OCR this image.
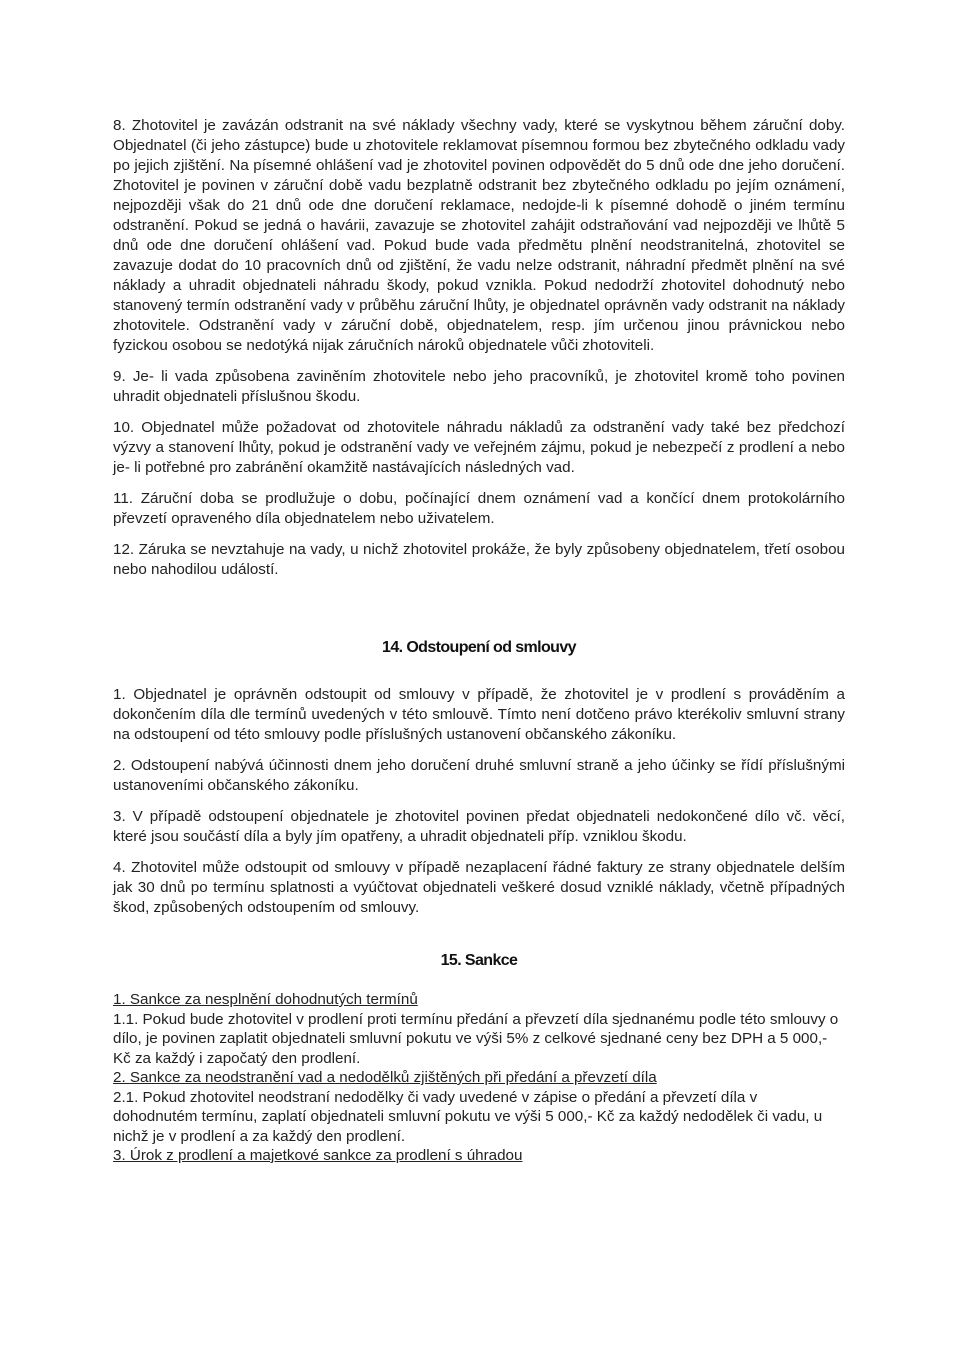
8. Zhotovitel je zavázán odstranit na své náklady všechny vady, které se vyskytnou během záruční doby. Objednatel (či jeho zástupce) bude u zhotovitele reklamovat písemnou formou bez zbytečného odkladu vady po jejich zjištění. Na písemné ohlášení vad je zhotovitel povinen odpovědět do 5 dnů ode dne jeho doručení. Zhotovitel je povinen v záruční době vadu bezplatně odstranit bez zbytečného odkladu po jejím oznámení, nejpozději však do 21 dnů ode dne doručení reklamace, nedojde-li k písemné dohodě o jiném termínu odstranění. Pokud se jedná o havárii, zavazuje se zhotovitel zahájit odstraňování vad nejpozději ve lhůtě 5 dnů ode dne doručení ohlášení vad. Pokud bude vada předmětu plnění neodstranitelná, zhotovitel se zavazuje dodat do 10 pracovních dnů od zjištění, že vadu nelze odstranit, náhradní předmět plnění na své náklady a uhradit objednateli náhradu škody, pokud vznikla. Pokud nedodrží zhotovitel dohodnutý nebo stanovený termín odstranění vady v průběhu záruční lhůty, je objednatel oprávněn vady odstranit na náklady zhotovitele. Odstranění vady v záruční době, objednatelem, resp. jím určenou jinou právnickou nebo fyzickou osobou se nedotýká nijak záručních nároků objednatele vůči zhotoviteli.

9. Je- li vada způsobena zaviněním zhotovitele nebo jeho pracovníků, je zhotovitel kromě toho povinen uhradit objednateli příslušnou škodu.

10. Objednatel může požadovat od zhotovitele náhradu nákladů za odstranění vady také bez předchozí výzvy a stanovení lhůty, pokud je odstranění vady ve veřejném zájmu, pokud je nebezpečí z prodlení a nebo je- li potřebné pro zabránění okamžitě nastávajících následných vad.

11. Záruční doba se prodlužuje o dobu, počínající dnem oznámení vad a končící dnem protokolárního převzetí opraveného díla objednatelem nebo uživatelem.

12. Záruka se nevztahuje na vady, u nichž zhotovitel prokáže, že byly způsobeny objednatelem, třetí osobou nebo nahodilou událostí.

14. Odstoupení od smlouvy

1. Objednatel je oprávněn odstoupit od smlouvy v případě, že zhotovitel je v prodlení s prováděním a dokončením díla dle termínů uvedených v této smlouvě. Tímto není dotčeno právo kterékoliv smluvní strany na odstoupení od této smlouvy podle příslušných ustanovení občanského zákoníku.

2. Odstoupení nabývá účinnosti dnem jeho doručení druhé smluvní straně a jeho účinky se řídí příslušnými ustanoveními občanského zákoníku.

3. V případě odstoupení objednatele je zhotovitel povinen předat objednateli nedokončené dílo vč. věcí, které jsou součástí díla a byly jím opatřeny, a uhradit objednateli příp. vzniklou škodu.

4. Zhotovitel může odstoupit od smlouvy v případě nezaplacení řádné faktury ze strany objednatele delším jak 30 dnů po termínu splatnosti a vyúčtovat objednateli veškeré dosud vzniklé náklady, včetně případných škod, způsobených odstoupením od smlouvy.

15. Sankce

1. Sankce za nesplnění dohodnutých termínů

1.1. Pokud bude zhotovitel v prodlení proti termínu předání a převzetí díla sjednanému podle této smlouvy o dílo, je povinen zaplatit objednateli smluvní pokutu ve výši 5% z celkové sjednané ceny bez DPH a 5 000,- Kč za každý i započatý den prodlení.

2. Sankce za neodstranění vad a nedodělků zjištěných při předání a převzetí díla

2.1. Pokud zhotovitel neodstraní nedodělky či vady uvedené v zápise o předání a převzetí díla v dohodnutém termínu, zaplatí objednateli smluvní pokutu ve výši 5 000,- Kč za každý nedodělek či vadu, u nichž je v prodlení a za každý den prodlení.

3. Úrok z prodlení a majetkové sankce za prodlení s úhradou
